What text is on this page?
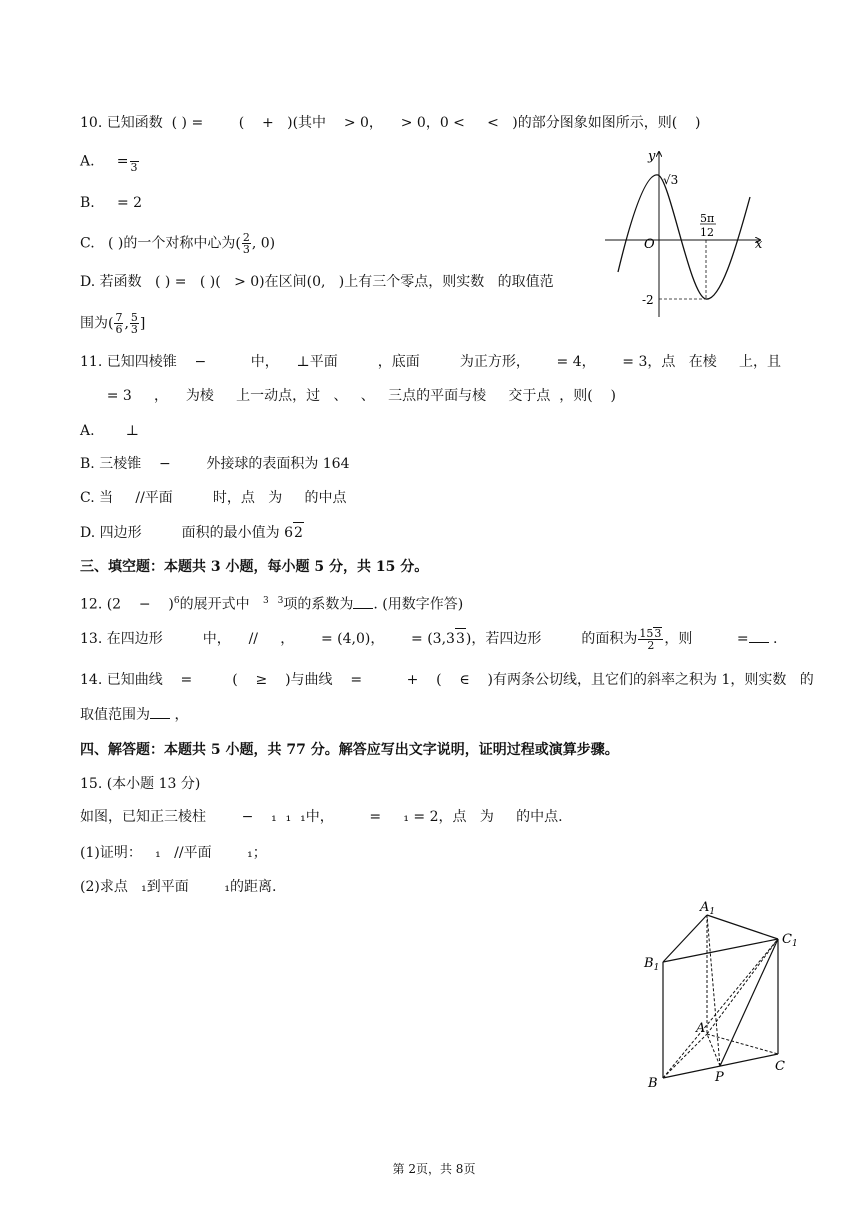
10. 已知函数  ( ) =        (    +   )(其中    > 0，    > 0，0 <     <   )的部分图象如图所示，则(    )
A.     =
3
B.     = 2
C.   ( )的一个对称中心为( $\frac{2}{3}$ , 0)
D. 若函数   ( ) =   ( )(   > 0)在区间(0,   )上有三个零点，则实数   的取值范
围为( $\frac{7}{6}$ , $\frac{5}{3}$ ]
y
x
O
√3
-2
5π
12
11. 已知四棱锥    −          中，    ⊥平面         ，底面         为正方形，      = 4，      = 3，点   在棱     上，且
= 3     ，    为棱     上一动点，过   、   、   三点的平面与棱     交于点  ，则(    )
A.       ⊥
B. 三棱锥    −        外接球的表面积为 164
C. 当     //平面         时，点   为     的中点
D. 四边形         面积的最小值为 62
三、填空题：本题共 3 小题，每小题 5 分，共 15 分。
12. (2    −    )$^6$的展开式中   $^3$ $^3$项的系数为 . (用数字作答)
13. 在四边形         中，    //     ，      = (4,0)，      = (3,33)，若四边形         的面积为 $\frac{153}{2}$ ，则          = .
14. 已知曲线    =         (    ≥    )与曲线    =          +    (    ∈    )有两条公切线，且它们的斜率之积为 1，则实数   的
取值范围为 ，
四、解答题：本题共 5 小题，共 77 分。解答应写出文字说明，证明过程或演算步骤。
15. (本小题 13 分)
如图，已知正三棱柱        −    ₁  ₁  ₁中，        =     ₁ = 2，点   为     的中点.
(1)证明：   ₁   //平面        ₁；
(2)求点   ₁到平面        ₁的距离.
$A_1$
$B_1$
$C_1$
A
B
C
P
第 2页，共 8页
